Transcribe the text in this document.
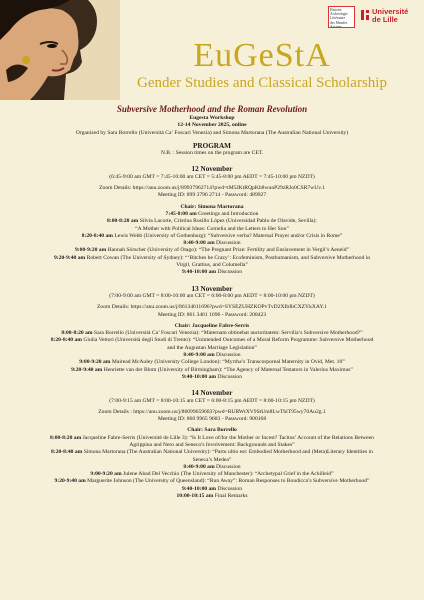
EuGeStA
Gender Studies and Classical Scholarship
Histoire
Archéologie
Littérature
des Mondes
Anciens
Université
de Lille

Subversive Motherhood and the Roman Revolution

Eugesta Workshop

12-14 November 2025, online

Organized by Sara Borrello (Università Ca’ Foscari Venezia) and Simona Martorana (The Australian National University)

PROGRAM

N.B. : Session times on the program are CET.

12 November

(6:45-9:00 am GMT = 7:45-10:00 am CET = 5:45-8:00 pm AEDT = 7:45-10:00 pm NZDT)

Zoom Details: https://anu.zoom.us/j/89937962714?pwd=tM5JKtRQpKb8wunP29zRJo0CSR7wUv.1

Meeting ID: 899 3796 2714 - Password: 489927

Chair: Simona Martorana

7:45-8:00 am Greetings and Introduction

8:00-8:20 am Silvia Lacorte, Cristina Rosillo López (Universidad Pablo de Olavide, Sevilla):
“A Mother with Political Ideas: Cornelia and the Letters to Her Son”

8:20-8:40 am Lewis Webb (University of Gothenburg): “Subversive verba? Maternal Prayer and/or Crisis in Rome”

8:40-9:00 am Discussion

9:00-9:20 am Hannah Sörscher (University of Otago): “The Pregnant Prize: Fertility and Enslavement in Vergil’s Aeneid”

9:20-9:40 am Robert Cowan (The University of Sydney): “‘Bitches be Crazy’: Ecofeminism, Posthumanism, and Subversive Motherhood in
Virgil, Grattius, and Columella”

9:40-10:00 am Discussion

13 November

(7:00-9:00 am GMT = 8:00-10:00 am CET = 6:00-8:00 pm AEDT = 8:00-10:00 pm NZDT)

Zoom Details: https://anu.zoom.us/j/86134611696?pwd=SYSEZUHZKOPvTvD2XIbIbCXZYkXAY.1

Meeting ID: 861 3461 1696 - Password: 208423

Chair: Jacqueline Fabre-Serris

8:00-8:20 am Sara Borrello (Università Ca’ Foscari Venezia): “Maternam obtinebat auctoritatem: Servilia’s Subversive Motherhood?”

8:20-8:40 am Giulia Vettori (Università degli Studi di Trento): “Unintended Outcomes of a Moral Reform Programme: Subversive Motherhood
and the Augustan Marriage Legislation”

8:40-9:00 am Discussion

9:00-9:20 am Mairead McAuley (University College London): “Myrrha’s Transcorporeal Maternity in Ovid, Met. 10”

9:20-9:40 am Henriette van der Blom (University of Birmingham): “The Agency of Maternal Testators in Valerius Maximus”

9:40-10:00 am Discussion

14 November

(7:00-9:15 am GMT = 8:00-10:15 am CET = 6:00-8:15 pm AEDT = 8:00-10:15 pm NZDT)

Zoom Details : https://anu.zoom.us/j/86099659683?pwd=RURWtXV9StUm8LwTbiT95wy70Au2g.1

Meeting ID: 860 9965 9683 - Password: 900168

Chair: Sara Borrello

8:00-8:20 am Jacqueline Fabre-Serris (Université de Lille 3): “Is It Love of/for the Mother or Incest? Tacitus’ Account of the Relations Between
Agrippina and Nero and Seneca’s Involvement: Backgrounds and Stakes”

8:20-8:40 am Simona Martorana (The Australian National University): “Partu ultio est: Embodied Motherhood and (Meta)Literary Identities in
Seneca’s Medea”

8:40-9:00 am Discussion

9:00-9:20 am Julene Abad Del Vecchio (The University of Manchester): “Archetypal Grief in the Achilleid”

9:20-9:40 am Marguerite Johnson (The University of Queensland): “Run Away”: Roman Responses to Boudicca’s Subversive Motherhood”

9:40-10:00 am Discussion

10:00-10:15 am Final Remarks
